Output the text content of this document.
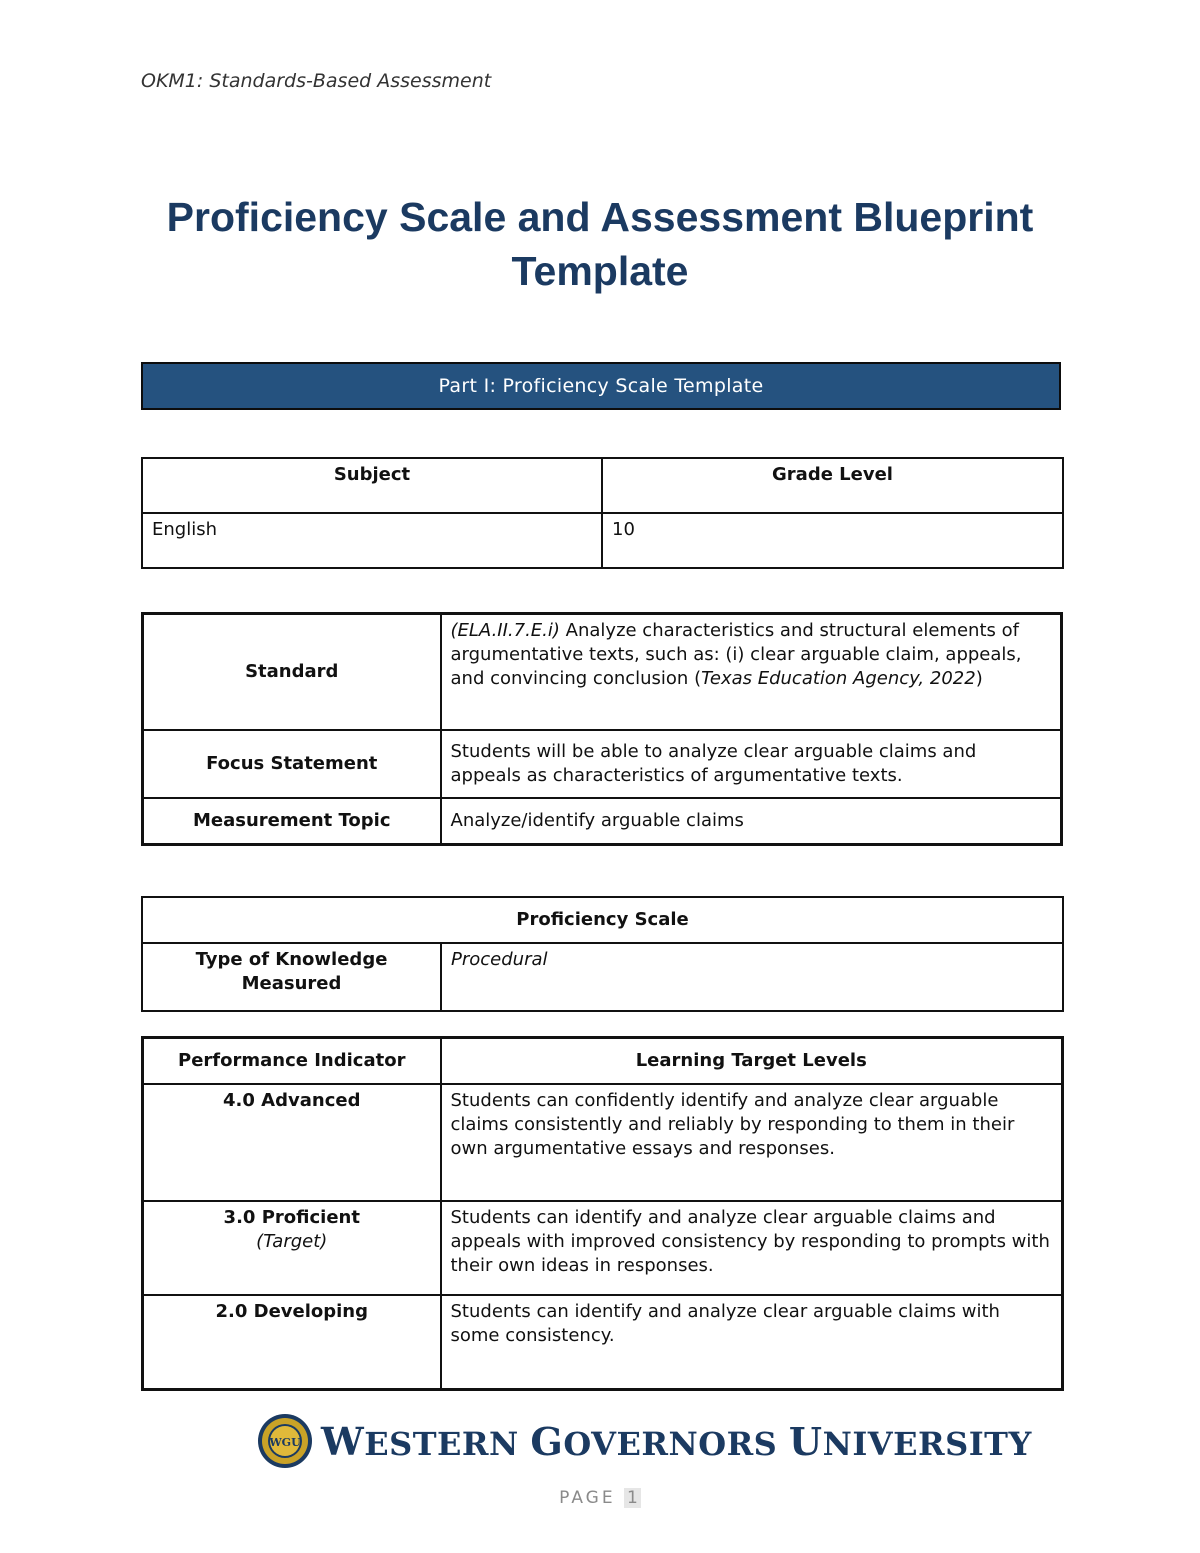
OKM1: Standards-Based Assessment
Proficiency Scale and Assessment Blueprint
Template
Part I: Proficiency Scale Template
Subject	Grade Level
English	10
Standard	(ELA.II.7.E.i) Analyze characteristics and structural elements of argumentative texts, such as: (i) clear arguable claim, appeals, and convincing conclusion (Texas Education Agency, 2022)
Focus Statement	Students will be able to analyze clear arguable claims and appeals as characteristics of argumentative texts.
Measurement Topic	Analyze/identify arguable claims
Proficiency Scale
Type of Knowledge Measured	Procedural
Performance Indicator	Learning Target Levels
4.0 Advanced	Students can confidently identify and analyze clear arguable claims consistently and reliably by responding to them in their own argumentative essays and responses.

3.0 Proficient
(Target)	Students can identify and analyze clear arguable claims and appeals with improved consistency by responding to prompts with their own ideas in responses.
2.0 Developing	Students can identify and analyze clear arguable claims with some consistency.
WGU WESTERN GOVERNORS UNIVERSITY
PAGE 1
